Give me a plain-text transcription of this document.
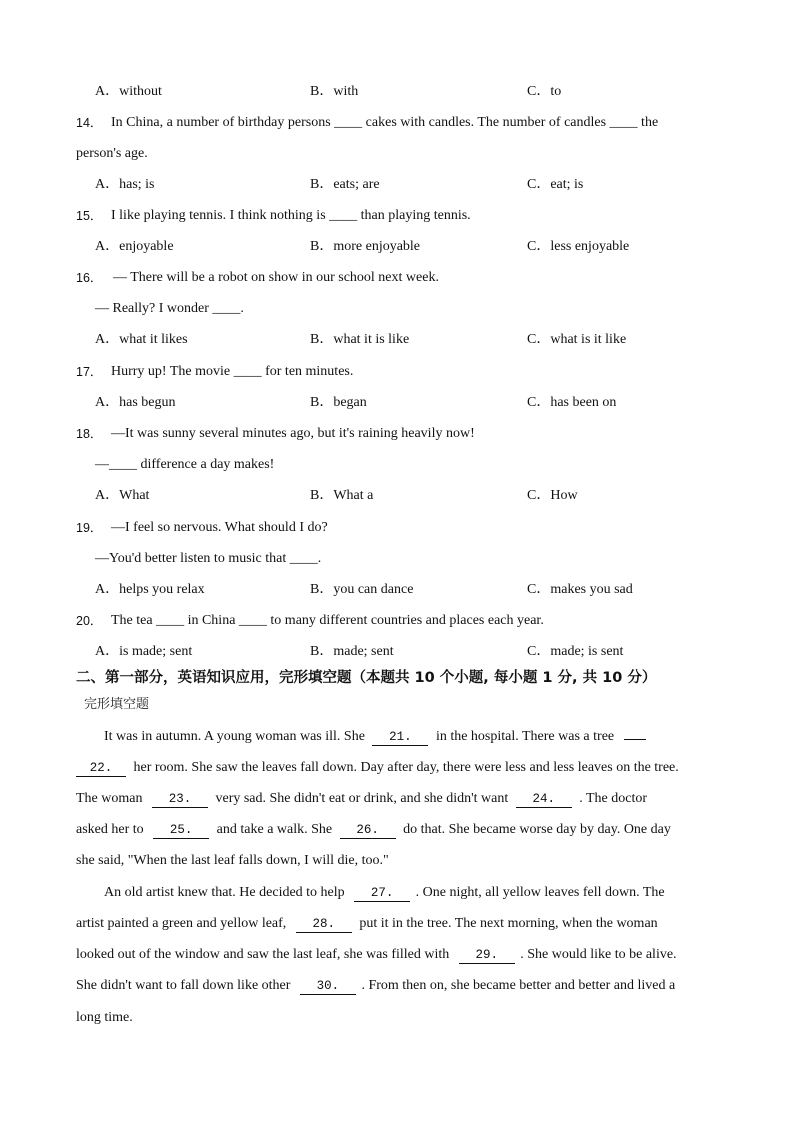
A．without	B．with	C．to
14． In China, a number of birthday persons ____ cakes with candles. The number of candles ____ the
person's age.
A．has; is	B．eats; are	C．eat; is
15． I like playing tennis. I think nothing is ____ than playing tennis.
A．enjoyable	B．more enjoyable	C．less enjoyable
16． — There will be a robot on show in our school next week.
— Really? I wonder ____.
A．what it likes	B．what it is like	C．what is it like
17． Hurry up! The movie ____ for ten minutes.
A．has begun	B．began	C．has been on
18． —It was sunny several minutes ago, but it's raining heavily now!
—____ difference a day makes!
A．What	B．What a	C．How
19． —I feel so nervous. What should I do?
—You'd better listen to music that ____.
A．helps you relax	B．you can dance	C．makes you sad
20． The tea ____ in China ____ to many different countries and places each year.
A．is made; sent	B．made; sent	C．made; is sent
二、第一部分，英语知识应用，完形填空题（本题共 10 个小题, 每小题 1 分, 共 10 分）
完形填空题
It was in autumn. A young woman was ill. She 21. in the hospital. There was a tree
22. her room. She saw the leaves fall down. Day after day, there were less and less leaves on the tree.
The woman 23. very sad. She didn't eat or drink, and she didn't want 24. . The doctor
asked her to 25. and take a walk. She 26. do that. She became worse day by day. One day
she said, "When the last leaf falls down, I will die, too."
An old artist knew that. He decided to help 27. . One night, all yellow leaves fell down. The
artist painted a green and yellow leaf, 28. put it in the tree. The next morning, when the woman
looked out of the window and saw the last leaf, she was filled with 29. . She would like to be alive.
She didn't want to fall down like other 30. . From then on, she became better and better and lived a
long time.
